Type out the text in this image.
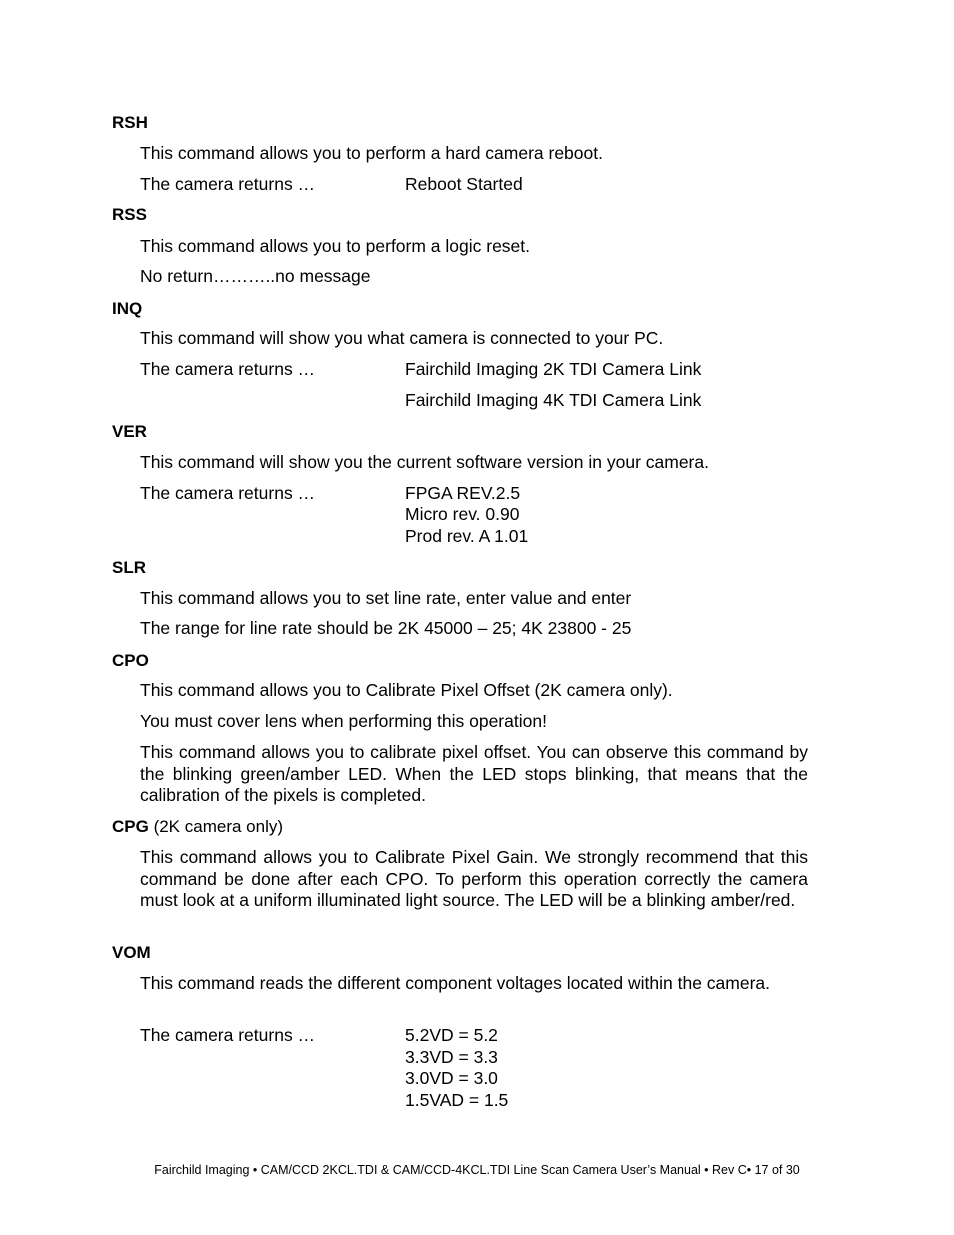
RSH
This command allows you to perform a hard camera reboot.
The camera returns …	Reboot Started
RSS
This command allows you to perform a logic reset.
No return………..no message
INQ
This command will show you what camera is connected to your PC.
The camera returns …	Fairchild Imaging 2K TDI Camera Link
Fairchild Imaging 4K TDI Camera Link
VER
This command will show you the current software version in your camera.
The camera returns …	FPGA REV.2.5
Micro rev. 0.90
Prod rev. A 1.01
SLR
This command allows you to set line rate, enter value and enter
The range for line rate should be 2K 45000 – 25; 4K 23800 - 25
CPO
This command allows you to Calibrate Pixel Offset (2K camera only).
You must cover lens when performing this operation!
This command allows you to calibrate pixel offset. You can observe this command by the blinking green/amber LED. When the LED stops blinking, that means that the calibration of the pixels is completed.
CPG (2K camera only)
This command allows you to Calibrate Pixel Gain. We strongly recommend that this command be done after each CPO. To perform this operation correctly the camera must look at a uniform illuminated light source. The LED will be a blinking amber/red.
VOM
This command reads the different component voltages located within the camera.
The camera returns …	5.2VD = 5.2
3.3VD = 3.3
3.0VD = 3.0
1.5VAD = 1.5
Fairchild Imaging • CAM/CCD 2KCL.TDI & CAM/CCD-4KCL.TDI Line Scan Camera User’s Manual • Rev C• 17 of 30
